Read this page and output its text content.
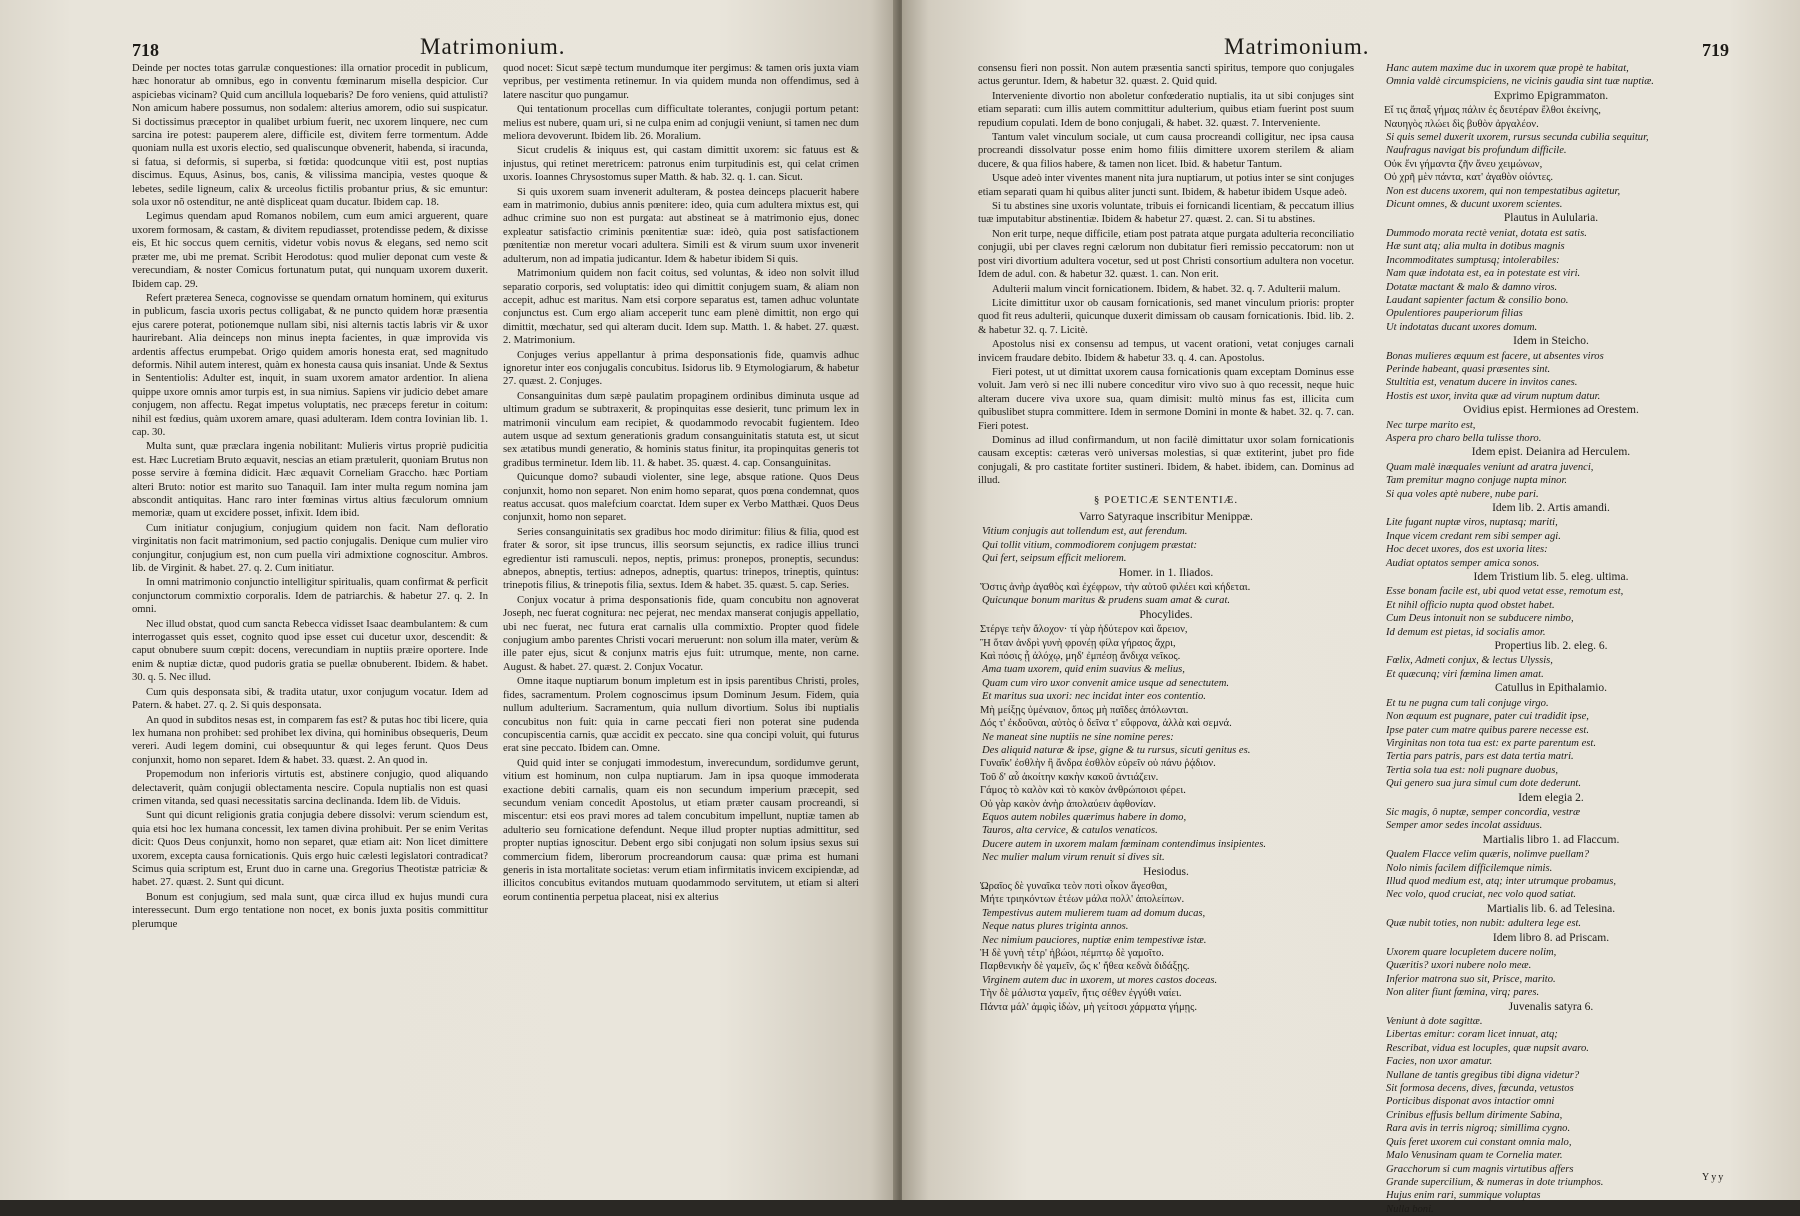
718	Matrimonium.

Deinde per noctes totas garrulæ conquestiones: illa ornatior procedit in publicum, hæc honoratur ab omnibus, ego in conventu fœminarum misella despicior. Cur aspiciebas vicinam? Quid cum ancillula loquebaris? De foro veniens, quid attulisti? Non amicum habere possumus, non sodalem: alterius amorem, odio sui suspicatur. Si doctissimus præceptor in qualibet urbium fuerit, nec uxorem linquere, nec cum sarcina ire potest: pauperem alere, difficile est, divitem ferre tormentum. Adde quoniam nulla est uxoris electio, sed qualiscunque obvenerit, habenda, si iracunda, si fatua, si deformis, si superba, si fœtida: quodcunque vitii est, post nuptias discimus. Equus, Asinus, bos, canis, & vilissima mancipia, vestes quoque & lebetes, sedile ligneum, calix & urceolus fictilis probantur prius, & sic emuntur: sola uxor nõ ostenditur, ne antè displiceat quam ducatur. Ibidem cap. 18.

Legimus quendam apud Romanos nobilem, cum eum amici arguerent, quare uxorem formosam, & castam, & divitem repudiasset, protendisse pedem, & dixisse eis, Et hic soccus quem cernitis, videtur vobis novus & elegans, sed nemo scit præter me, ubi me premat. Scribit Herodotus: quod mulier deponat cum veste & verecundiam, & noster Comicus fortunatum putat, qui nunquam uxorem duxerit. Ibidem cap. 29.

Refert præterea Seneca, cognovisse se quendam ornatum hominem, qui exiturus in publicum, fascia uxoris pectus colligabat, & ne puncto quidem horæ præsentia ejus carere poterat, potionemque nullam sibi, nisi alternis tactis labris vir & uxor haurirebant. Alia deinceps non minus inepta facientes, in quæ improvida vis ardentis affectus erumpebat. Origo quidem amoris honesta erat, sed magnitudo deformis. Nihil autem interest, quàm ex honesta causa quis insaniat. Unde & Sextus in Sententiolis: Adulter est, inquit, in suam uxorem amator ardentior. In aliena quippe uxore omnis amor turpis est, in sua nimius. Sapiens vir judicio debet amare conjugem, non affectu. Regat impetus voluptatis, nec præceps feretur in coitum: nihil est fœdius, quàm uxorem amare, quasi adulteram. Idem contra Iovinian lib. 1. cap. 30.

Multa sunt, quæ præclara ingenia nobilitant: Mulieris virtus propriè pudicitia est. Hæc Lucretiam Bruto æquavit, nescias an etiam prætulerit, quoniam Brutus non posse servire à fœmina didicit. Hæc æquavit Corneliam Graccho. hæc Portiam alteri Bruto: notior est marito suo Tanaquil. Iam inter multa regum nomina jam abscondit antiquitas. Hanc raro inter fœminas virtus altius fæculorum omnium memoriæ, quam ut excidere posset, infixit. Idem ibid.

Cum initiatur conjugium, conjugium quidem non facit. Nam defloratio virginitatis non facit matrimonium, sed pactio conjugalis. Denique cum mulier viro conjungitur, conjugium est, non cum puella viri admixtione cognoscitur. Ambros. lib. de Virginit. & habet. 27. q. 2. Cum initiatur.

In omni matrimonio conjunctio intelligitur spiritualis, quam confirmat & perficit conjunctorum commixtio corporalis. Idem de patriarchis. & habetur 27. q. 2. In omni.

Nec illud obstat, quod cum sancta Rebecca vidisset Isaac deambulantem: & cum interrogasset quis esset, cognito quod ipse esset cui ducetur uxor, descendit: & caput obnubere suum cœpit: docens, verecundiam in nuptiis præire oportere. Inde enim & nuptiæ dictæ, quod pudoris gratia se puellæ obnuberent. Ibidem. & habet. 30. q. 5. Nec illud.

Cum quis desponsata sibi, & tradita utatur, uxor conjugum vocatur. Idem ad Patern. & habet. 27. q. 2. Si quis desponsata.

An quod in subditos nesas est, in comparem fas est? & putas hoc tibi licere, quia lex humana non prohibet: sed prohibet lex divina, qui hominibus obsequeris, Deum vereri. Audi legem domini, cui obsequuntur & qui leges ferunt. Quos Deus conjunxit, homo non separet. Idem & habet. 33. quæst. 2. An quod in.

Propemodum non inferioris virtutis est, abstinere conjugio, quod aliquando delectaverit, quàm conjugii oblectamenta nescire. Copula nuptialis non est quasi crimen vitanda, sed quasi necessitatis sarcina declinanda. Idem lib. de Viduis.

Sunt qui dicunt religionis gratia conjugia debere dissolvi: verum sciendum est, quia etsi hoc lex humana concessit, lex tamen divina prohibuit. Per se enim Veritas dicit: Quos Deus conjunxit, homo non separet, quæ etiam ait: Non licet dimittere uxorem, excepta causa fornicationis. Quis ergo huic cælesti legislatori contradicat? Scimus quia scriptum est, Erunt duo in carne una. Gregorius Theotistæ patriciæ & habet. 27. quæst. 2. Sunt qui dicunt.

Bonum est conjugium, sed mala sunt, quæ circa illud ex hujus mundi cura interessecunt. Dum ergo tentatione non nocet, ex bonis juxta positis committitur plerumque

quod nocet: Sicut sæpè tectum mundumque iter pergimus: & tamen oris juxta viam vepribus, per vestimenta retinemur. In via quidem munda non offendimus, sed à latere nascitur quo pungamur.

Qui tentationum procellas cum difficultate tolerantes, conjugii portum petant: melius est nubere, quam uri, si ne culpa enim ad conjugii veniunt, si tamen nec dum meliora devoverunt. Ibidem lib. 26. Moralium.

Sicut crudelis & iniquus est, qui castam dimittit uxorem: sic fatuus est & injustus, qui retinet meretricem: patronus enim turpitudinis est, qui celat crimen uxoris. Ioannes Chrysostomus super Matth. & hab. 32. q. 1. can. Sicut.

Si quis uxorem suam invenerit adulteram, & postea deinceps placuerit habere eam in matrimonio, dubius annis pœnitere: ideo, quia cum adultera mixtus est, qui adhuc crimine suo non est purgata: aut abstineat se à matrimonio ejus, donec expleatur satisfactio criminis pœnitentiæ suæ: ideò, quia post satisfactionem pœnitentiæ non meretur vocari adultera. Simili est & virum suum uxor invenerit adulterum, non ad impatia judicantur. Idem & habetur ibidem Si quis.

Matrimonium quidem non facit coitus, sed voluntas, & ideo non solvit illud separatio corporis, sed voluptatis: ideo qui dimittit conjugem suam, & aliam non accepit, adhuc est maritus. Nam etsi corpore separatus est, tamen adhuc voluntate conjunctus est. Cum ergo aliam acceperit tunc eam plenè dimittit, non ergo qui dimittit, mœchatur, sed qui alteram ducit. Idem sup. Matth. 1. & habet. 27. quæst. 2. Matrimonium.

Conjuges verius appellantur à prima desponsationis fide, quamvis adhuc ignoretur inter eos conjugalis concubitus. Isidorus lib. 9 Etymologiarum, & habetur 27. quæst. 2. Conjuges.

Consanguinitas dum sæpè paulatim propaginem ordinibus diminuta usque ad ultimum gradum se subtraxerit, & propinquitas esse desierit, tunc primum lex in matrimonii vinculum eam recipiet, & quodammodo revocabit fugientem. Ideo autem usque ad sextum generationis gradum consanguinitatis statuta est, ut sicut sex ætatibus mundi generatio, & hominis status finitur, ita propinquitas generis tot gradibus terminetur. Idem lib. 11. & habet. 35. quæst. 4. cap. Consanguinitas.

Quicunque domo? subaudi violenter, sine lege, absque ratione. Quos Deus conjunxit, homo non separet. Non enim homo separat, quos pœna condemnat, quos reatus accusat. quos malefcium coarctat. Idem super ex Verbo Matthæi. Quos Deus conjunxit, homo non separet.

Series consanguinitatis sex gradibus hoc modo dirimitur: filius & filia, quod est frater & soror, sit ipse truncus, illis seorsum sejunctis, ex radice illius trunci egredientur isti ramusculi. nepos, neptis, primus: pronepos, proneptis, secundus: abnepos, abneptis, tertius: adnepos, adneptis, quartus: trinepos, trineptis, quintus: trinepotis filius, & trinepotis filia, sextus. Idem & habet. 35. quæst. 5. cap. Series.

Conjux vocatur à prima desponsationis fide, quam concubitu non agnoverat Joseph, nec fuerat cognitura: nec pejerat, nec mendax manserat conjugis appellatio, ubi nec fuerat, nec futura erat carnalis ulla commixtio. Propter quod fidele conjugium ambo parentes Christi vocari meruerunt: non solum illa mater, verùm & ille pater ejus, sicut & conjunx matris ejus fuit: utrumque, mente, non carne. August. & habet. 27. quæst. 2. Conjux Vocatur.

Omne itaque nuptiarum bonum impletum est in ipsis parentibus Christi, proles, fides, sacramentum. Prolem cognoscimus ipsum Dominum Jesum. Fidem, quia nullum adulterium. Sacramentum, quia nullum divortium. Solus ibi nuptialis concubitus non fuit: quia in carne peccati fieri non poterat sine pudenda concupiscentia carnis, quæ accidit ex peccato. sine qua concipi voluit, qui futurus erat sine peccato. Ibidem can. Omne.

Quid quid inter se conjugati immodestum, inverecundum, sordidumve gerunt, vitium est hominum, non culpa nuptiarum. Jam in ipsa quoque immoderata exactione debiti carnalis, quam eis non secundum imperium præcepit, sed secundum veniam concedit Apostolus, ut etiam præter causam procreandi, si miscentur: etsi eos pravi mores ad talem concubitum impellunt, nuptiæ tamen ab adulterio seu fornicatione defendunt. Neque illud propter nuptias admittitur, sed propter nuptias ignoscitur. Debent ergo sibi conjugati non solum ipsius sexus sui commercium fidem, liberorum procreandorum causa: quæ prima est humani generis in ista mortalitate societas: verum etiam infirmitatis invicem excipiendæ, ad illicitos concubitus evitandos mutuam quodammodo servitutem, ut etiam si alteri eorum continentia perpetua placeat, nisi ex alterius

Matrimonium.	719

consensu fieri non possit. Non autem præsentia sancti spiritus, tempore quo conjugales actus geruntur. Idem, & habetur 32. quæst. 2. Quid quid.

Interveniente divortio non aboletur confœderatio nuptialis, ita ut sibi conjuges sint etiam separati: cum illis autem committitur adulterium, quibus etiam fuerint post suum repudium copulati. Idem de bono conjugali, & habet. 32. quæst. 7. Interveniente.

Tantum valet vinculum sociale, ut cum causa procreandi colligitur, nec ipsa causa procreandi dissolvatur posse enim homo filiis dimittere uxorem sterilem & aliam ducere, & qua filios habere, & tamen non licet. Ibid. & habetur Tantum.

Usque adeò inter viventes manent nita jura nuptiarum, ut potius inter se sint conjuges etiam separati quam hi quibus aliter juncti sunt. Ibidem, & habetur ibidem Usque adeò.

Si tu abstines sine uxoris voluntate, tribuis ei fornicandi licentiam, & peccatum illius tuæ imputabitur abstinentiæ. Ibidem & habetur 27. quæst. 2. can. Si tu abstines.

Non erit turpe, neque difficile, etiam post patrata atque purgata adulteria reconciliatio conjugii, ubi per claves regni cælorum non dubitatur fieri remissio peccatorum: non ut post viri divortium adultera vocetur, sed ut post Christi consortium adultera non vocetur. Idem de adul. con. & habetur 32. quæst. 1. can. Non erit.

Adulterii malum vincit fornicationem. Ibidem, & habet. 32. q. 7. Adulterii malum.

Licite dimittitur uxor ob causam fornicationis, sed manet vinculum prioris: propter quod fit reus adulterii, quicunque duxerit dimissam ob causam fornicationis. Ibid. lib. 2. & habetur 32. q. 7. Licitè.

Apostolus nisi ex consensu ad tempus, ut vacent orationi, vetat conjuges carnali invicem fraudare debito. Ibidem & habetur 33. q. 4. can. Apostolus.

Fieri potest, ut ut dimittat uxorem causa fornicationis quam exceptam Dominus esse voluit. Jam verò si nec illi nubere conceditur viro vivo suo à quo recessit, neque huic alteram ducere viva uxore sua, quam dimisit: multò minus fas est, illicita cum quibuslibet stupra committere. Idem in sermone Domini in monte & habet. 32. q. 7. can. Fieri potest.

Dominus ad illud confirmandum, ut non facilè dimittatur uxor solam fornicationis causam exceptis: cæteras verò universas molestias, si quæ extiterint, jubet pro fide conjugali, & pro castitate fortiter sustineri. Ibidem, & habet. ibidem, can. Dominus ad illud.

§ POETICÆ SENTENTIÆ.

Varro Satyraque inscribitur Menippæ.

Vitium conjugis aut tollendum est, aut ferendum.

Qui tollit vitium, commodiorem conjugem præstat:

Qui fert, seipsum efficit meliorem.

Homer. in 1. Iliados.

Ὅστις ἀνὴρ ἀγαθὸς καὶ ἐχέφρων, τὴν αὐτοῦ φιλέει καὶ κήδεται.

Quicunque bonum maritus & prudens suam amat & curat.

Phocylides.

Στέργε τεὴν ἄλοχον· τί γὰρ ἡδύτερον καὶ ἄρειον,

Ἢ ὅταν ἀνδρὶ γυνὴ φρονέῃ φίλα γήραος ἄχρι,

Καὶ πόσις ᾗ ἀλόχῳ, μηδ' ἐμπέσῃ ἄνδιχα νεῖκος.

Ama tuam uxorem, quid enim suavius & melius,

Quam cum viro uxor convenit amice usque ad senectutem.

Et maritus sua uxori: nec incidat inter eos contentio.

Μὴ μείξῃς ὑμέναιον, ὅπως μὴ παῖδες ἀπόλωνται.

Δός τ' ἐκδοῦναι, αὐτὸς ὁ δεῖνα τ' εὔφρονα, ἀλλὰ καὶ σεμνά.

Ne maneat sine nuptiis ne sine nomine peres:

Des aliquid naturæ & ipse, gigne & tu rursus, sicuti genitus es.

Γυναῖκ' ἐσθλὴν ἢ ἄνδρα ἐσθλὸν εὑρεῖν οὐ πάνυ ῥᾴδιον.

Τοῦ δ' αὖ ἀκοίτην κακὴν κακοῦ ἀντιάζειν.

Γάμος τὸ καλὸν καὶ τὸ κακὸν ἀνθρώποισι φέρει.

Οὐ γὰρ κακὸν ἀνὴρ ἀπολαύειν ἀφθονίαν.

Equos autem nobiles quærimus habere in domo,

Tauros, alta cervice, & catulos venaticos.

Ducere autem in uxorem malam fœminam contendimus insipientes.

Nec mulier malum virum renuit si dives sit.

Hesiodus.

Ὡραῖος δὲ γυναῖκα τεὸν ποτὶ οἶκον ἄγεσθαι,

Μήτε τριηκόντων ἐτέων μάλα πολλ' ἀπολείπων.

Tempestivus autem mulierem tuam ad domum ducas,

Neque natus plures triginta annos.

Nec nimium pauciores, nuptiæ enim tempestivæ istæ.

Ἡ δὲ γυνὴ τέτρ' ἡβώοι, πέμπτῳ δὲ γαμοῖτο.

Παρθενικὴν δὲ γαμεῖν, ὥς κ' ἤθεα κεδνὰ διδάξῃς.

Virginem autem duc in uxorem, ut mores castos doceas.

Τὴν δὲ μάλιστα γαμεῖν, ἥτις σέθεν ἐγγύθι ναίει.

Πάντα μάλ' ἀμφὶς ἰδὼν, μὴ γείτοσι χάρματα γήμῃς.

Hanc autem maxime duc in uxorem quæ propè te habitat,

Omnia valdè circumspiciens, ne vicinis gaudia sint tuæ nuptiæ.

Exprimo Epigrammaton.

Εἴ τις ἄπαξ γήμας πάλιν ἐς δευτέραν ἔλθοι ἐκείνης,

Ναυηγὸς πλώει δὶς βυθὸν ἀργαλέον.

Si quis semel duxerit uxorem, rursus secunda cubilia sequitur,

Naufragus navigat bis profundum difficile.

Οὐκ ἔνι γήμαντα ζῆν ἄνευ χειμώνων,

Οὐ χρῆ μὲν πάντα, κατ' ἀγαθὸν οἰόντες.

Non est ducens uxorem, qui non tempestatibus agitetur,

Dicunt omnes, & ducunt uxorem scientes.

Plautus in Aulularia.

Dummodo morata rectè veniat, dotata est satis.

Hæ sunt atq; alia multa in dotibus magnis

Incommoditates sumptusq; intolerabiles:

Nam quæ indotata est, ea in potestate est viri.

Dotatæ mactant & malo & damno viros.

Laudant sapienter factum & consilio bono.

Opulentiores pauperiorum filias

Ut indotatas ducant uxores domum.

Idem in Steicho.

Bonas mulieres æquum est facere, ut absentes viros

Perinde habeant, quasi præsentes sint.

Stultitia est, venatum ducere in invitos canes.

Hostis est uxor, invita quæ ad virum nuptum datur.

Ovidius epist. Hermiones ad Orestem.

Nec turpe marito est,

Aspera pro charo bella tulisse thoro.

Idem epist. Deianira ad Herculem.

Quam malè inæquales veniunt ad aratra juvenci,

Tam premitur magno conjuge nupta minor.

Si qua voles aptè nubere, nube pari.

Idem lib. 2. Artis amandi.

Lite fugant nuptæ viros, nuptasq; mariti,

Inque vicem credant rem sibi semper agi.

Hoc decet uxores, dos est uxoria lites:

Audiat optatos semper amica sonos.

Idem Tristium lib. 5. eleg. ultima.

Esse bonam facile est, ubi quod vetat esse, remotum est,

Et nihil officio nupta quod obstet habet.

Cum Deus intonuit non se subducere nimbo,

Id demum est pietas, id socialis amor.

Propertius lib. 2. eleg. 6.

Fœlix, Admeti conjux, & lectus Ulyssis,

Et quæcunq; viri fœmina limen amat.

Catullus in Epithalamio.

Et tu ne pugna cum tali conjuge virgo.

Non æquum est pugnare, pater cui tradidit ipse,

Ipse pater cum matre quibus parere necesse est.

Virginitas non tota tua est: ex parte parentum est.

Tertia pars patris, pars est data tertia matri.

Tertia sola tua est: noli pugnare duobus,

Qui genero sua jura simul cum dote dederunt.

Idem elegia 2.

Sic magis, ô nuptæ, semper concordia, vestræ

Semper amor sedes incolat assiduus.

Martialis libro 1. ad Flaccum.

Qualem Flacce velim quæris, nolimve puellam?

Nolo nimis facilem difficilemque nimis.

Illud quod medium est, atq; inter utrumque probamus,

Nec volo, quod cruciat, nec volo quod satiat.

Martialis lib. 6. ad Telesina.

Quæ nubit toties, non nubit: adultera lege est.

Idem libro 8. ad Priscam.

Uxorem quare locupletem ducere nolim,

Quæritis? uxori nubere nolo meæ.

Inferior matrona suo sit, Prisce, marito.

Non aliter fiunt fœmina, virq; pares.

Juvenalis satyra 6.

Veniunt à dote sagittæ.

Libertas emitur: coram licet innuat, atq;

Rescribat, vidua est locuples, quæ nupsit avaro.

Facies, non uxor amatur.

Nullane de tantis gregibus tibi digna videtur?

Sit formosa decens, dives, fœcunda, vetustos

Porticibus disponat avos intactior omni

Crinibus effusis bellum dirimente Sabina,

Rara avis in terris nigroq; simillima cygno.

Quis feret uxorem cui constant omnia malo,

Malo Venusinam quam te Cornelia mater.

Gracchorum si cum magnis virtutibus affers

Grande supercilium, & numeras in dote triumphos.

Hujus enim rari, summique voluptas

Nulla boni.

Yyy
